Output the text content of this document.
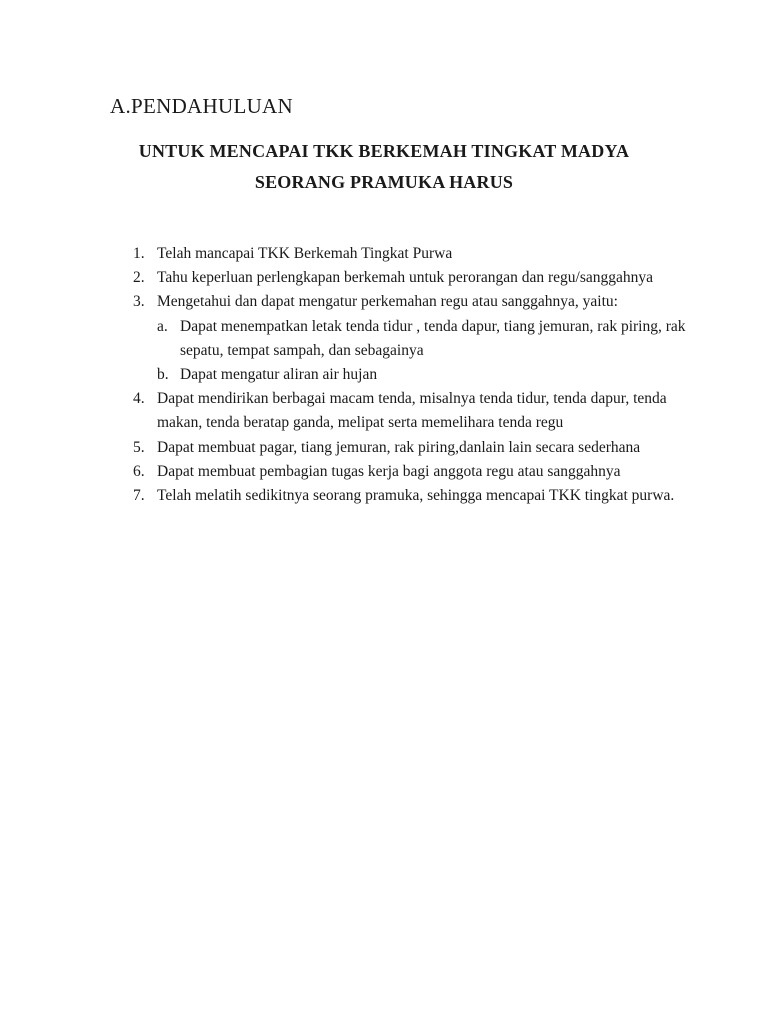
A.PENDAHULUAN
UNTUK MENCAPAI TKK BERKEMAH TINGKAT MADYA
SEORANG PRAMUKA HARUS
1. Telah mancapai TKK Berkemah Tingkat Purwa
2. Tahu keperluan perlengkapan berkemah untuk perorangan dan regu/sanggahnya
3. Mengetahui dan dapat mengatur perkemahan regu atau sanggahnya, yaitu:
a. Dapat menempatkan letak tenda tidur , tenda dapur, tiang jemuran, rak piring, rak sepatu, tempat sampah, dan sebagainya
b. Dapat mengatur aliran air hujan
4. Dapat mendirikan berbagai macam tenda, misalnya tenda tidur, tenda dapur, tenda makan, tenda beratap ganda, melipat serta memelihara tenda regu
5. Dapat membuat pagar, tiang jemuran, rak piring,danlain lain secara sederhana
6. Dapat membuat pembagian tugas kerja bagi anggota regu atau sanggahnya
7. Telah melatih sedikitnya seorang pramuka, sehingga mencapai TKK tingkat purwa.
